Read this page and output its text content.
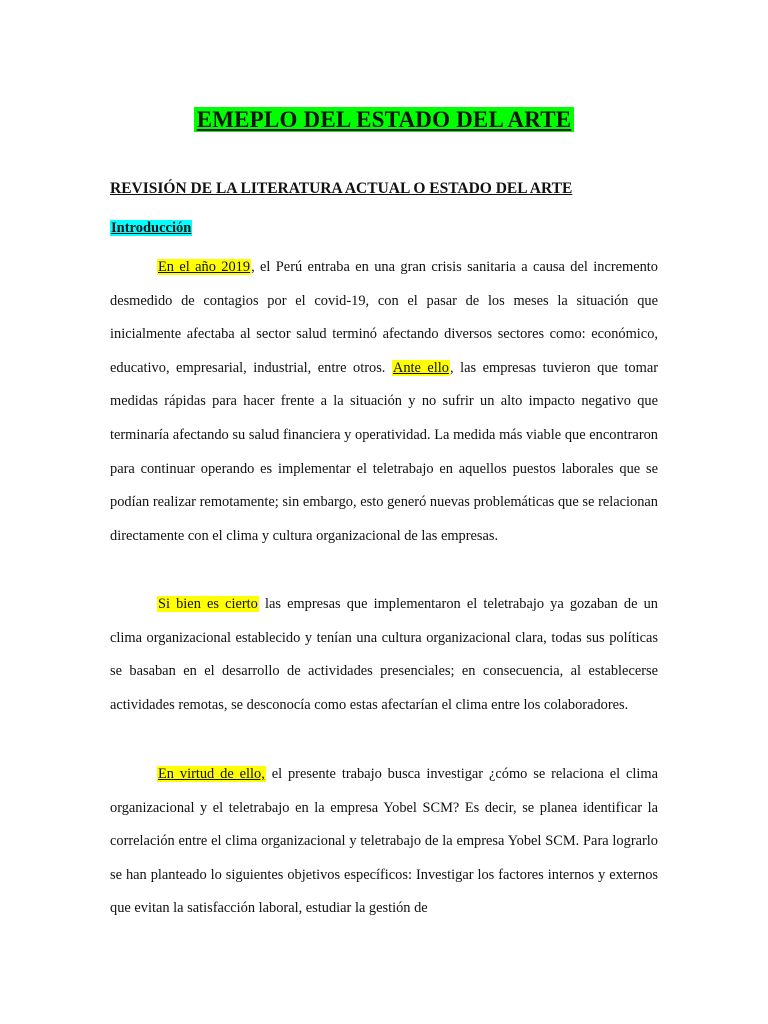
EMEPLO DEL ESTADO DEL ARTE
REVISIÓN DE LA LITERATURA ACTUAL O ESTADO DEL ARTE
Introducción

En el año 2019, el Perú entraba en una gran crisis sanitaria a causa del incremento desmedido de contagios por el covid-19, con el pasar de los meses la situación que inicialmente afectaba al sector salud terminó afectando diversos sectores como: económico, educativo, empresarial, industrial, entre otros. Ante ello, las empresas tuvieron que tomar medidas rápidas para hacer frente a la situación y no sufrir un alto impacto negativo que terminaría afectando su salud financiera y operatividad. La medida más viable que encontraron para continuar operando es implementar el teletrabajo en aquellos puestos laborales que se podían realizar remotamente; sin embargo, esto generó nuevas problemáticas que se relacionan directamente con el clima y cultura organizacional de las empresas.

Si bien es cierto las empresas que implementaron el teletrabajo ya gozaban de un clima organizacional establecido y tenían una cultura organizacional clara, todas sus políticas se basaban en el desarrollo de actividades presenciales; en consecuencia, al establecerse actividades remotas, se desconocía como estas afectarían el clima entre los colaboradores.

En virtud de ello, el presente trabajo busca investigar ¿cómo se relaciona el clima organizacional y el teletrabajo en la empresa Yobel SCM? Es decir, se planea identificar la correlación entre el clima organizacional y teletrabajo de la empresa Yobel SCM. Para lograrlo se han planteado lo siguientes objetivos específicos: Investigar los factores internos y externos que evitan la satisfacción laboral, estudiar la gestión de
